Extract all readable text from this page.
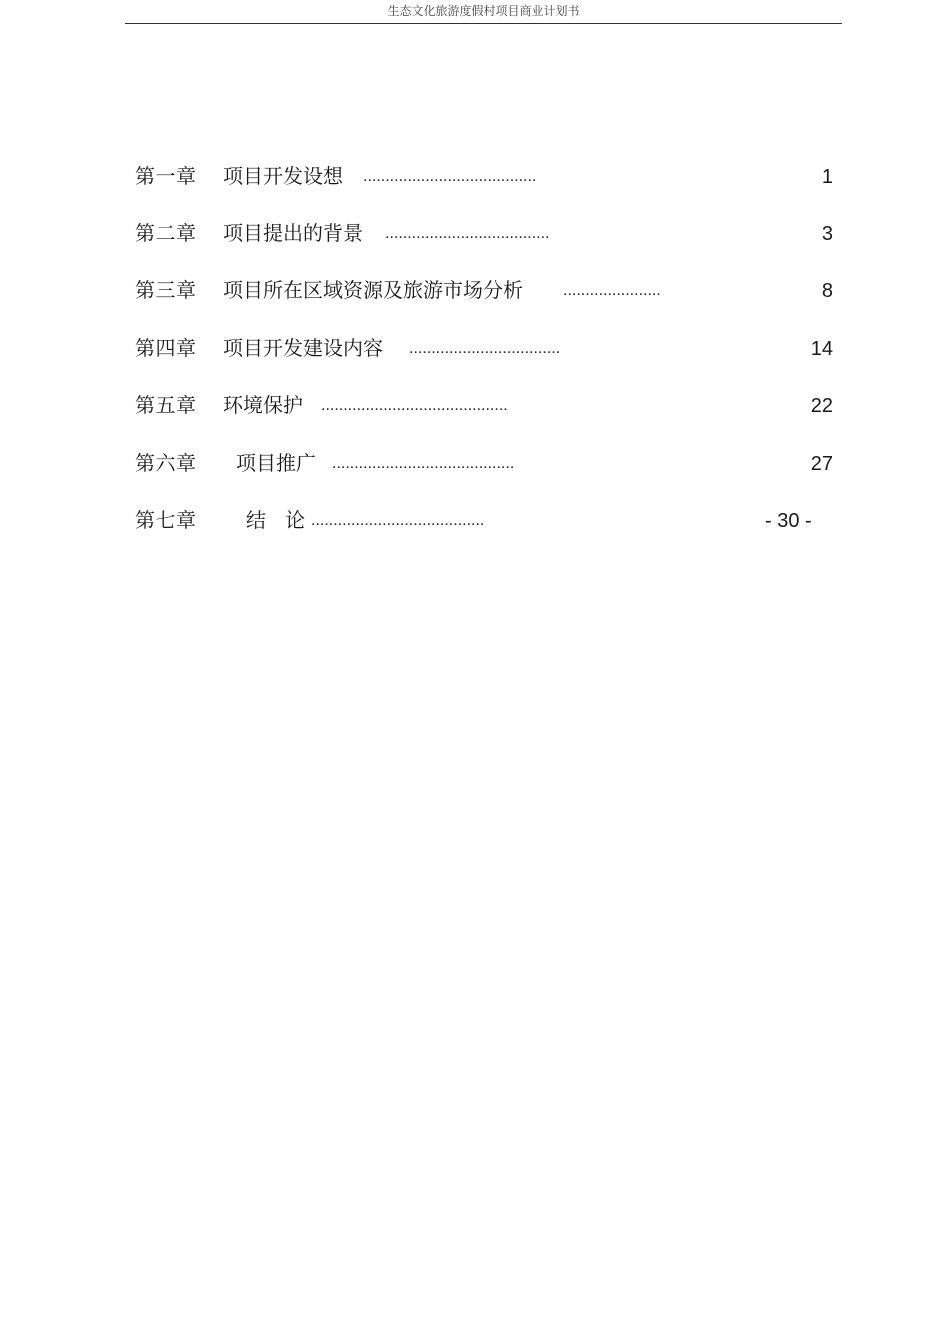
生态文化旅游度假村项目商业计划书
第一章 项目开发设想 .......................................	1
第二章 项目提出的背景 .....................................	3
第三章 项目所在区域资源及旅游市场分析	......................	8
第四章 项目开发建设内容 ..................................	14
第五章 环境保护 ..........................................	22
第六章 项目推广 .........................................	27
第七章 结   论 .......................................	- 30 -
